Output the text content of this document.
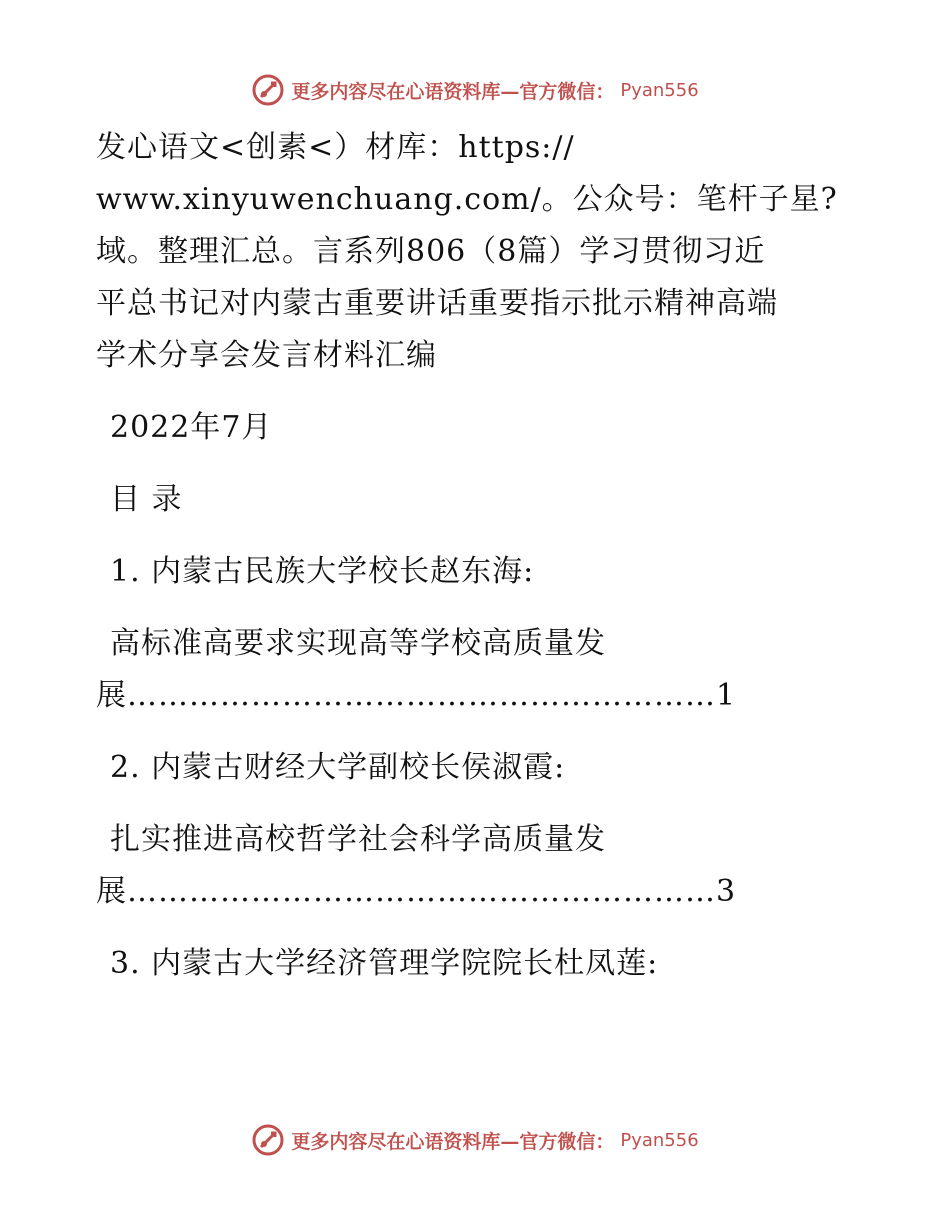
更多内容尽在心语资料库—官方微信： Pyan556

发心语文<创素<）材库：https://

www.xinyuwenchuang.com/。公众号：笔杆子星?

域。整理汇总。言系列806（8篇）学习贯彻习近

平总书记对内蒙古重要讲话重要指示批示精神高端

学术分享会发言材料汇编

2022年7月

目 录

1. 内蒙古民族大学校长赵东海:

高标准高要求实现高等学校高质量发

展…………………………………………………1

2. 内蒙古财经大学副校长侯淑霞:

扎实推进高校哲学社会科学高质量发

展…………………………………………………3

3. 内蒙古大学经济管理学院院长杜凤莲:

更多内容尽在心语资料库—官方微信： Pyan556
